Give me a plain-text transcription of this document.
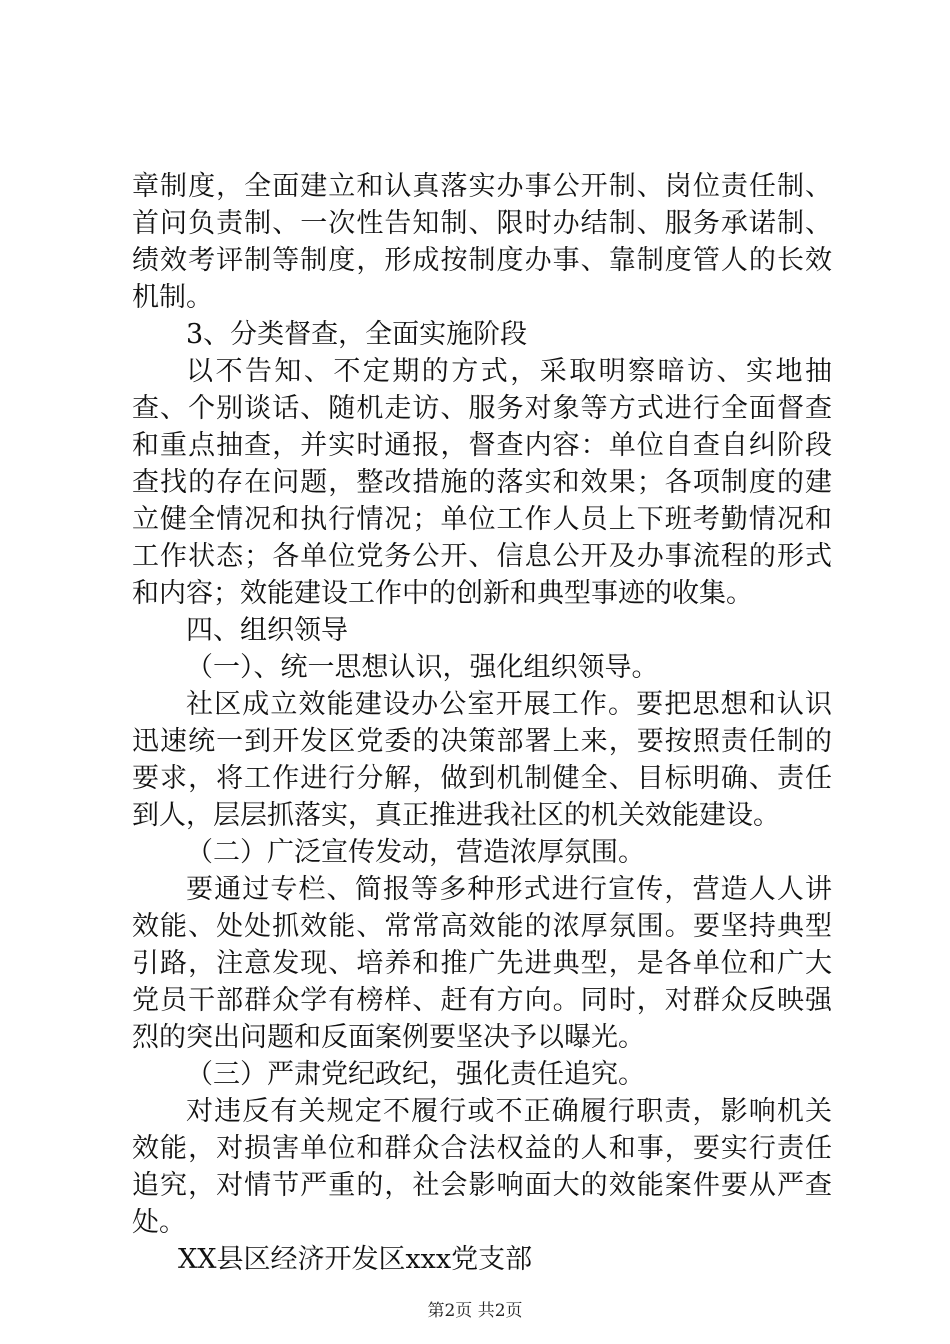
章制度，全面建立和认真落实办事公开制、岗位责任制、首问负责制、一次性告知制、限时办结制、服务承诺制、绩效考评制等制度，形成按制度办事、靠制度管人的长效机制。

3、分类督查，全面实施阶段

以不告知、不定期的方式，采取明察暗访、实地抽查、个别谈话、随机走访、服务对象等方式进行全面督查和重点抽查，并实时通报，督查内容：单位自查自纠阶段查找的存在问题，整改措施的落实和效果；各项制度的建立健全情况和执行情况；单位工作人员上下班考勤情况和工作状态；各单位党务公开、信息公开及办事流程的形式和内容；效能建设工作中的创新和典型事迹的收集。

四、组织领导

（一）、统一思想认识，强化组织领导。

社区成立效能建设办公室开展工作。要把思想和认识迅速统一到开发区党委的决策部署上来，要按照责任制的要求，将工作进行分解，做到机制健全、目标明确、责任到人，层层抓落实，真正推进我社区的机关效能建设。

（二）广泛宣传发动，营造浓厚氛围。

要通过专栏、简报等多种形式进行宣传，营造人人讲效能、处处抓效能、常常高效能的浓厚氛围。要坚持典型引路，注意发现、培养和推广先进典型，是各单位和广大党员干部群众学有榜样、赶有方向。同时，对群众反映强烈的突出问题和反面案例要坚决予以曝光。

（三）严肃党纪政纪，强化责任追究。

对违反有关规定不履行或不正确履行职责，影响机关效能，对损害单位和群众合法权益的人和事，要实行责任追究，对情节严重的，社会影响面大的效能案件要从严查处。

XX县区经济开发区xxx党支部

第2页 共2页
